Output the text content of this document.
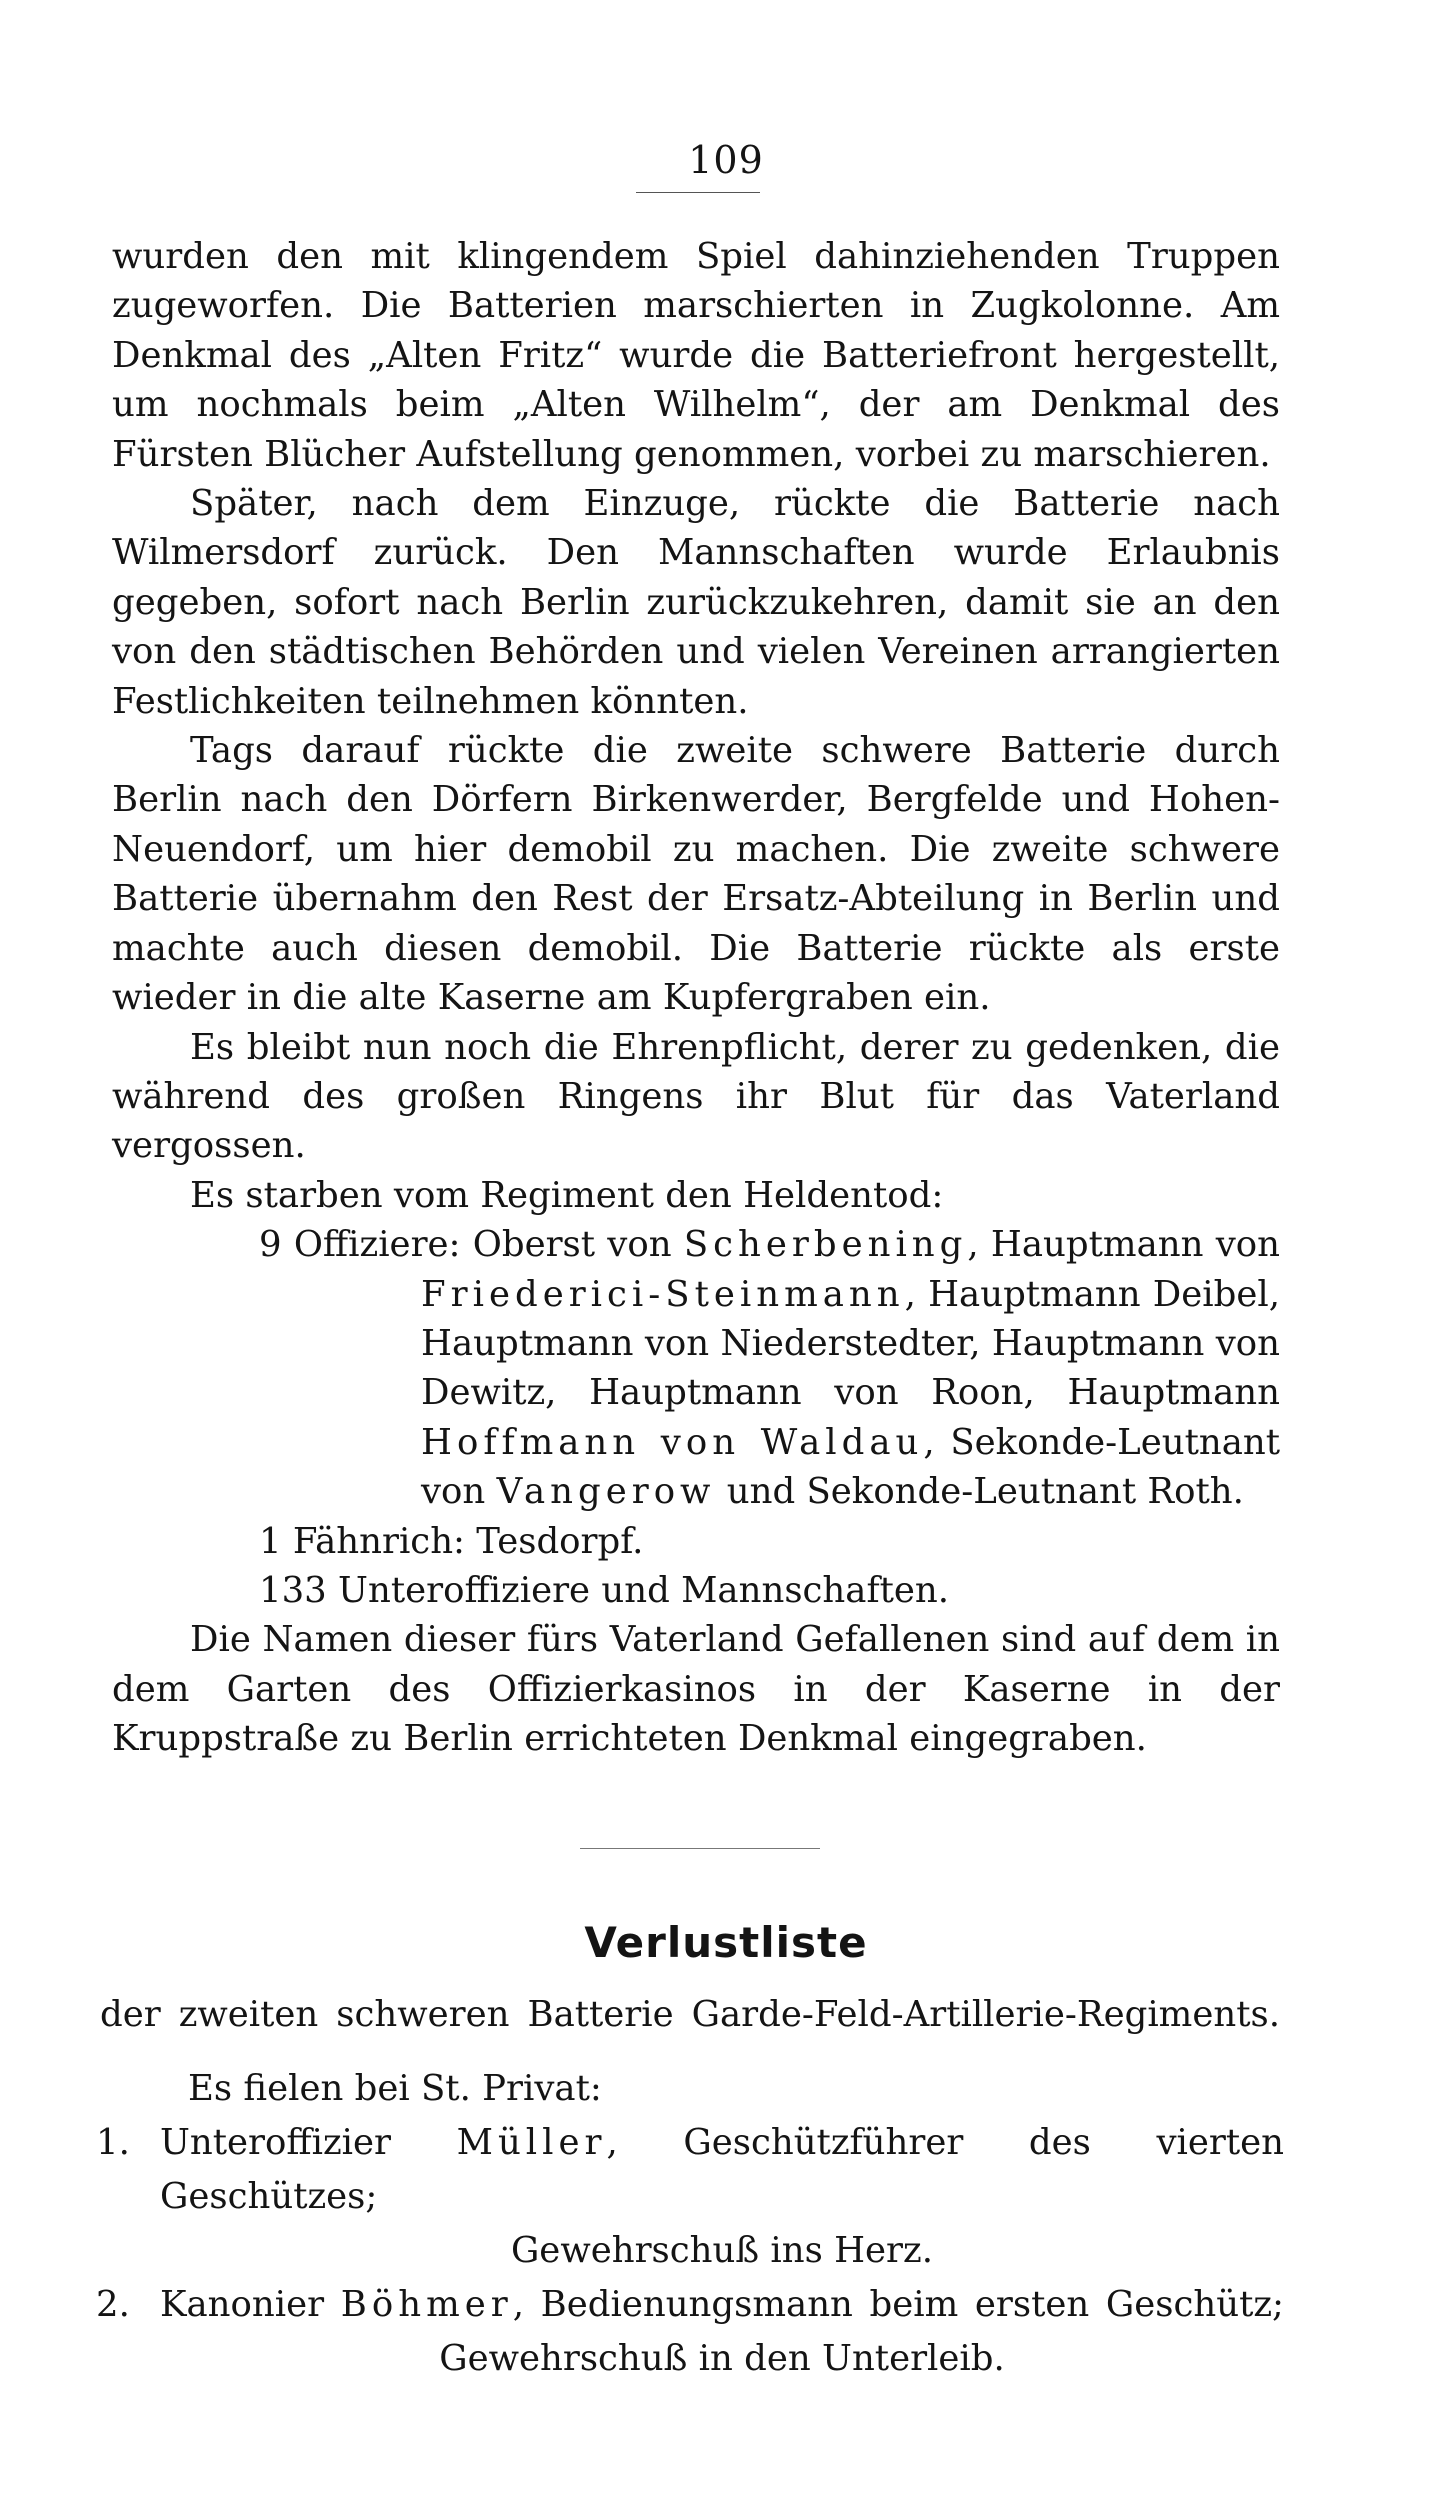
109

wurden den mit klingendem Spiel dahinziehenden Truppen zugeworfen. Die Batterien marschierten in Zugkolonne. Am Denkmal des „Alten Fritz“ wurde die Batteriefront hergestellt, um nochmals beim „Alten Wilhelm“, der am Denkmal des Fürsten Blücher Aufstellung genommen, vorbei zu marschieren.

Später, nach dem Einzuge, rückte die Batterie nach Wilmersdorf zurück. Den Mannschaften wurde Erlaubnis gegeben, sofort nach Berlin zurückzukehren, damit sie an den von den städtischen Behörden und vielen Vereinen arrangierten Festlichkeiten teilnehmen könnten.

Tags darauf rückte die zweite schwere Batterie durch Berlin nach den Dörfern Birkenwerder, Bergfelde und Hohen-Neuendorf, um hier demobil zu machen. Die zweite schwere Batterie übernahm den Rest der Ersatz-Abteilung in Berlin und machte auch diesen demobil. Die Batterie rückte als erste wieder in die alte Kaserne am Kupfergraben ein.

Es bleibt nun noch die Ehrenpflicht, derer zu gedenken, die während des großen Ringens ihr Blut für das Vaterland vergossen.

Es starben vom Regiment den Heldentod:

9 Offiziere: Oberst von Scherbening, Hauptmann von Friederici-Steinmann, Hauptmann Deibel, Hauptmann von Niederstedter, Hauptmann von Dewitz, Hauptmann von Roon, Hauptmann Hoffmann von Waldau, Sekonde-Leutnant von Vangerow und Sekonde-Leutnant Roth.

1 Fähnrich: Tesdorpf.

133 Unteroffiziere und Mannschaften.

Die Namen dieser fürs Vaterland Gefallenen sind auf dem in dem Garten des Offizierkasinos in der Kaserne in der Kruppstraße zu Berlin errichteten Denkmal eingegraben.

Verlustliste
der zweiten schweren Batterie Garde-Feld-Artillerie-Regiments.

Es fielen bei St. Privat:

1. Unteroffizier Müller, Geschützführer des vierten Geschützes;
Gewehrschuß ins Herz.
2. Kanonier Böhmer, Bedienungsmann beim ersten Geschütz;
Gewehrschuß in den Unterleib.
